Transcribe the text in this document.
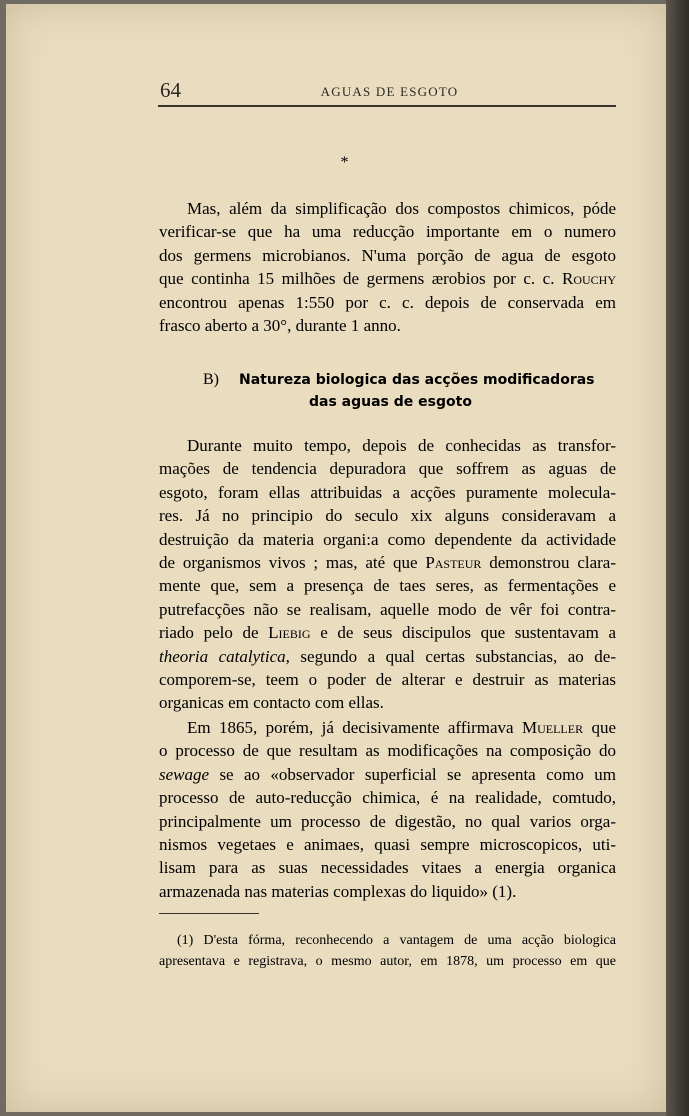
64	AGUAS DE ESGOTO
*
Mas, além da simplificação dos compostos chimicos, póde
verificar-se que ha uma reducção importante em o numero
dos germens microbianos. N'uma porção de agua de esgoto
que continha 15 milhões de germens ærobios por c. c. Rouchy
encontrou apenas 1:550 por c. c. depois de conservada em
frasco aberto a 30°, durante 1 anno.
B) Natureza biologica das acções modificadoras
das aguas de esgoto
Durante muito tempo, depois de conhecidas as transfor-
mações de tendencia depuradora que soffrem as aguas de
esgoto, foram ellas attribuidas a acções puramente molecula-
res. Já no principio do seculo xix alguns consideravam a
destruição da materia organi:a como dependente da actividade
de organismos vivos ; mas, até que Pasteur demonstrou clara-
mente que, sem a presença de taes seres, as fermentações e
putrefacções não se realisam, aquelle modo de vêr foi contra-
riado pelo de Liebig e de seus discipulos que sustentavam a
theoria catalytica, segundo a qual certas substancias, ao de-
comporem-se, teem o poder de alterar e destruir as materias
organicas em contacto com ellas.
Em 1865, porém, já decisivamente affirmava Mueller que
o processo de que resultam as modificações na composição do
sewage se ao «observador superficial se apresenta como um
processo de auto-reducção chimica, é na realidade, comtudo,
principalmente um processo de digestão, no qual varios orga-
nismos vegetaes e animaes, quasi sempre microscopicos, uti-
lisam para as suas necessidades vitaes a energia organica
armazenada nas materias complexas do liquido» (1).
(1) D'esta fórma, reconhecendo a vantagem de uma acção biologica
apresentava e registrava, o mesmo autor, em 1878, um processo em que
